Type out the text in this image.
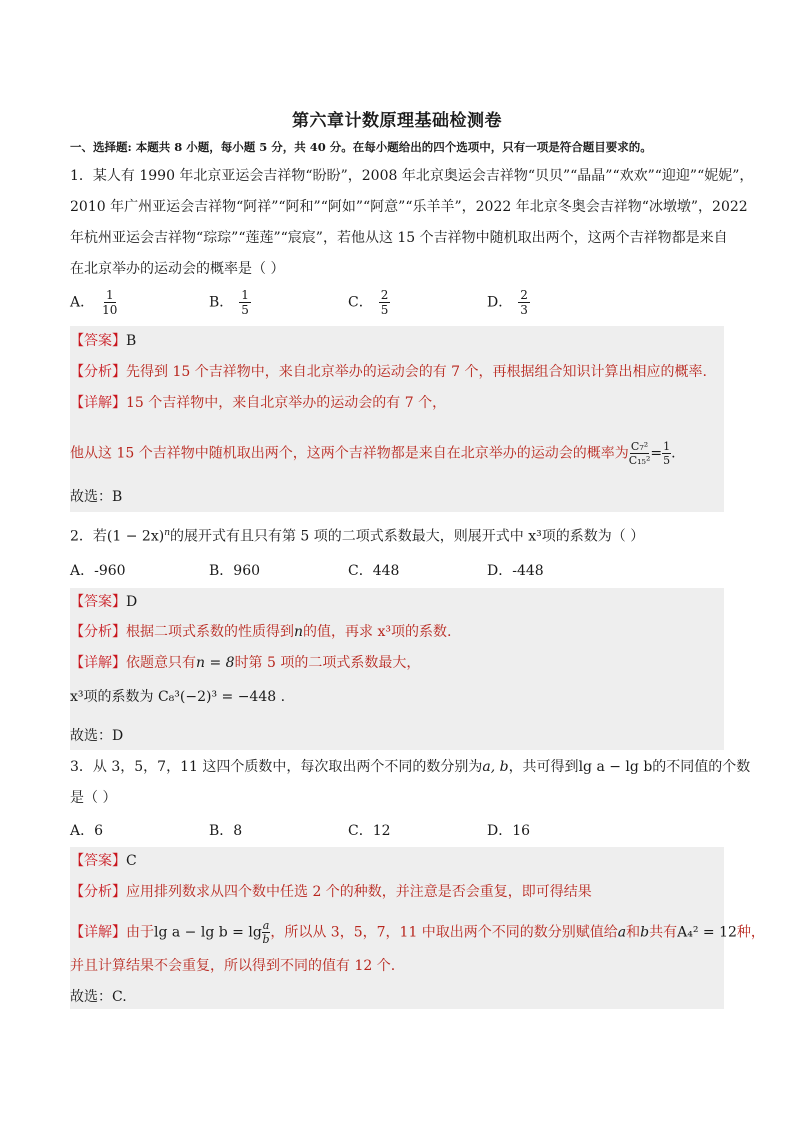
第六章计数原理基础检测卷
一、选择题: 本题共 8 小题，每小题 5 分，共 40 分。在每小题给出的四个选项中，只有一项是符合题目要求的。
1．某人有 1990 年北京亚运会吉祥物“盼盼”，2008 年北京奥运会吉祥物“贝贝”“晶晶”“欢欢”“迎迎”“妮妮”，
2010 年广州亚运会吉祥物“阿祥”“阿和”“阿如”“阿意”“乐羊羊”，2022 年北京冬奥会吉祥物“冰墩墩”，2022
年杭州亚运会吉祥物“琮琮”“莲莲”“宸宸”，若他从这 15 个吉祥物中随机取出两个，这两个吉祥物都是来自
在北京举办的运动会的概率是（ ）
A． $\frac{1}{10}$	B． $\frac{1}{5}$	C． $\frac{2}{5}$	D． $\frac{2}{3}$
【答案】B
【分析】先得到 15 个吉祥物中，来自北京举办的运动会的有 7 个，再根据组合知识计算出相应的概率.
【详解】15 个吉祥物中，来自北京举办的运动会的有 7 个，
他从这 15 个吉祥物中随机取出两个，这两个吉祥物都是来自在北京举办的运动会的概率为 $\frac{\text{C₇²}}{\text{C₁₅²}} = \frac{1}{5}$ .
故选：B
2．若$(1 - 2x)^n$的展开式有且只有第 5 项的二项式系数最大，则展开式中 x³项的系数为（ ）
A．-960	B．960	C．448	D．-448
【答案】D
【分析】根据二项式系数的性质得到n的值，再求 x³项的系数.
【详解】依题意只有n = 8时第 5 项的二项式系数最大，
x³项的系数为 C₈³(−2)³ = −448 .
故选：D
3．从 3，5，7，11 这四个质数中，每次取出两个不同的数分别为a, b，共可得到lg a − lg b的不同值的个数
是（ ）
A．6	B．8	C．12	D．16
【答案】C
【分析】应用排列数求从四个数中任选 2 个的种数，并注意是否会重复，即可得结果
【详解】由于$\lg a - \lg b = \lg \frac{a}{b}$ ，所以从 3，5，7，11 中取出两个不同的数分别赋值给a和b共有A₄² = 12种，
并且计算结果不会重复，所以得到不同的值有 12 个.
故选：C.
